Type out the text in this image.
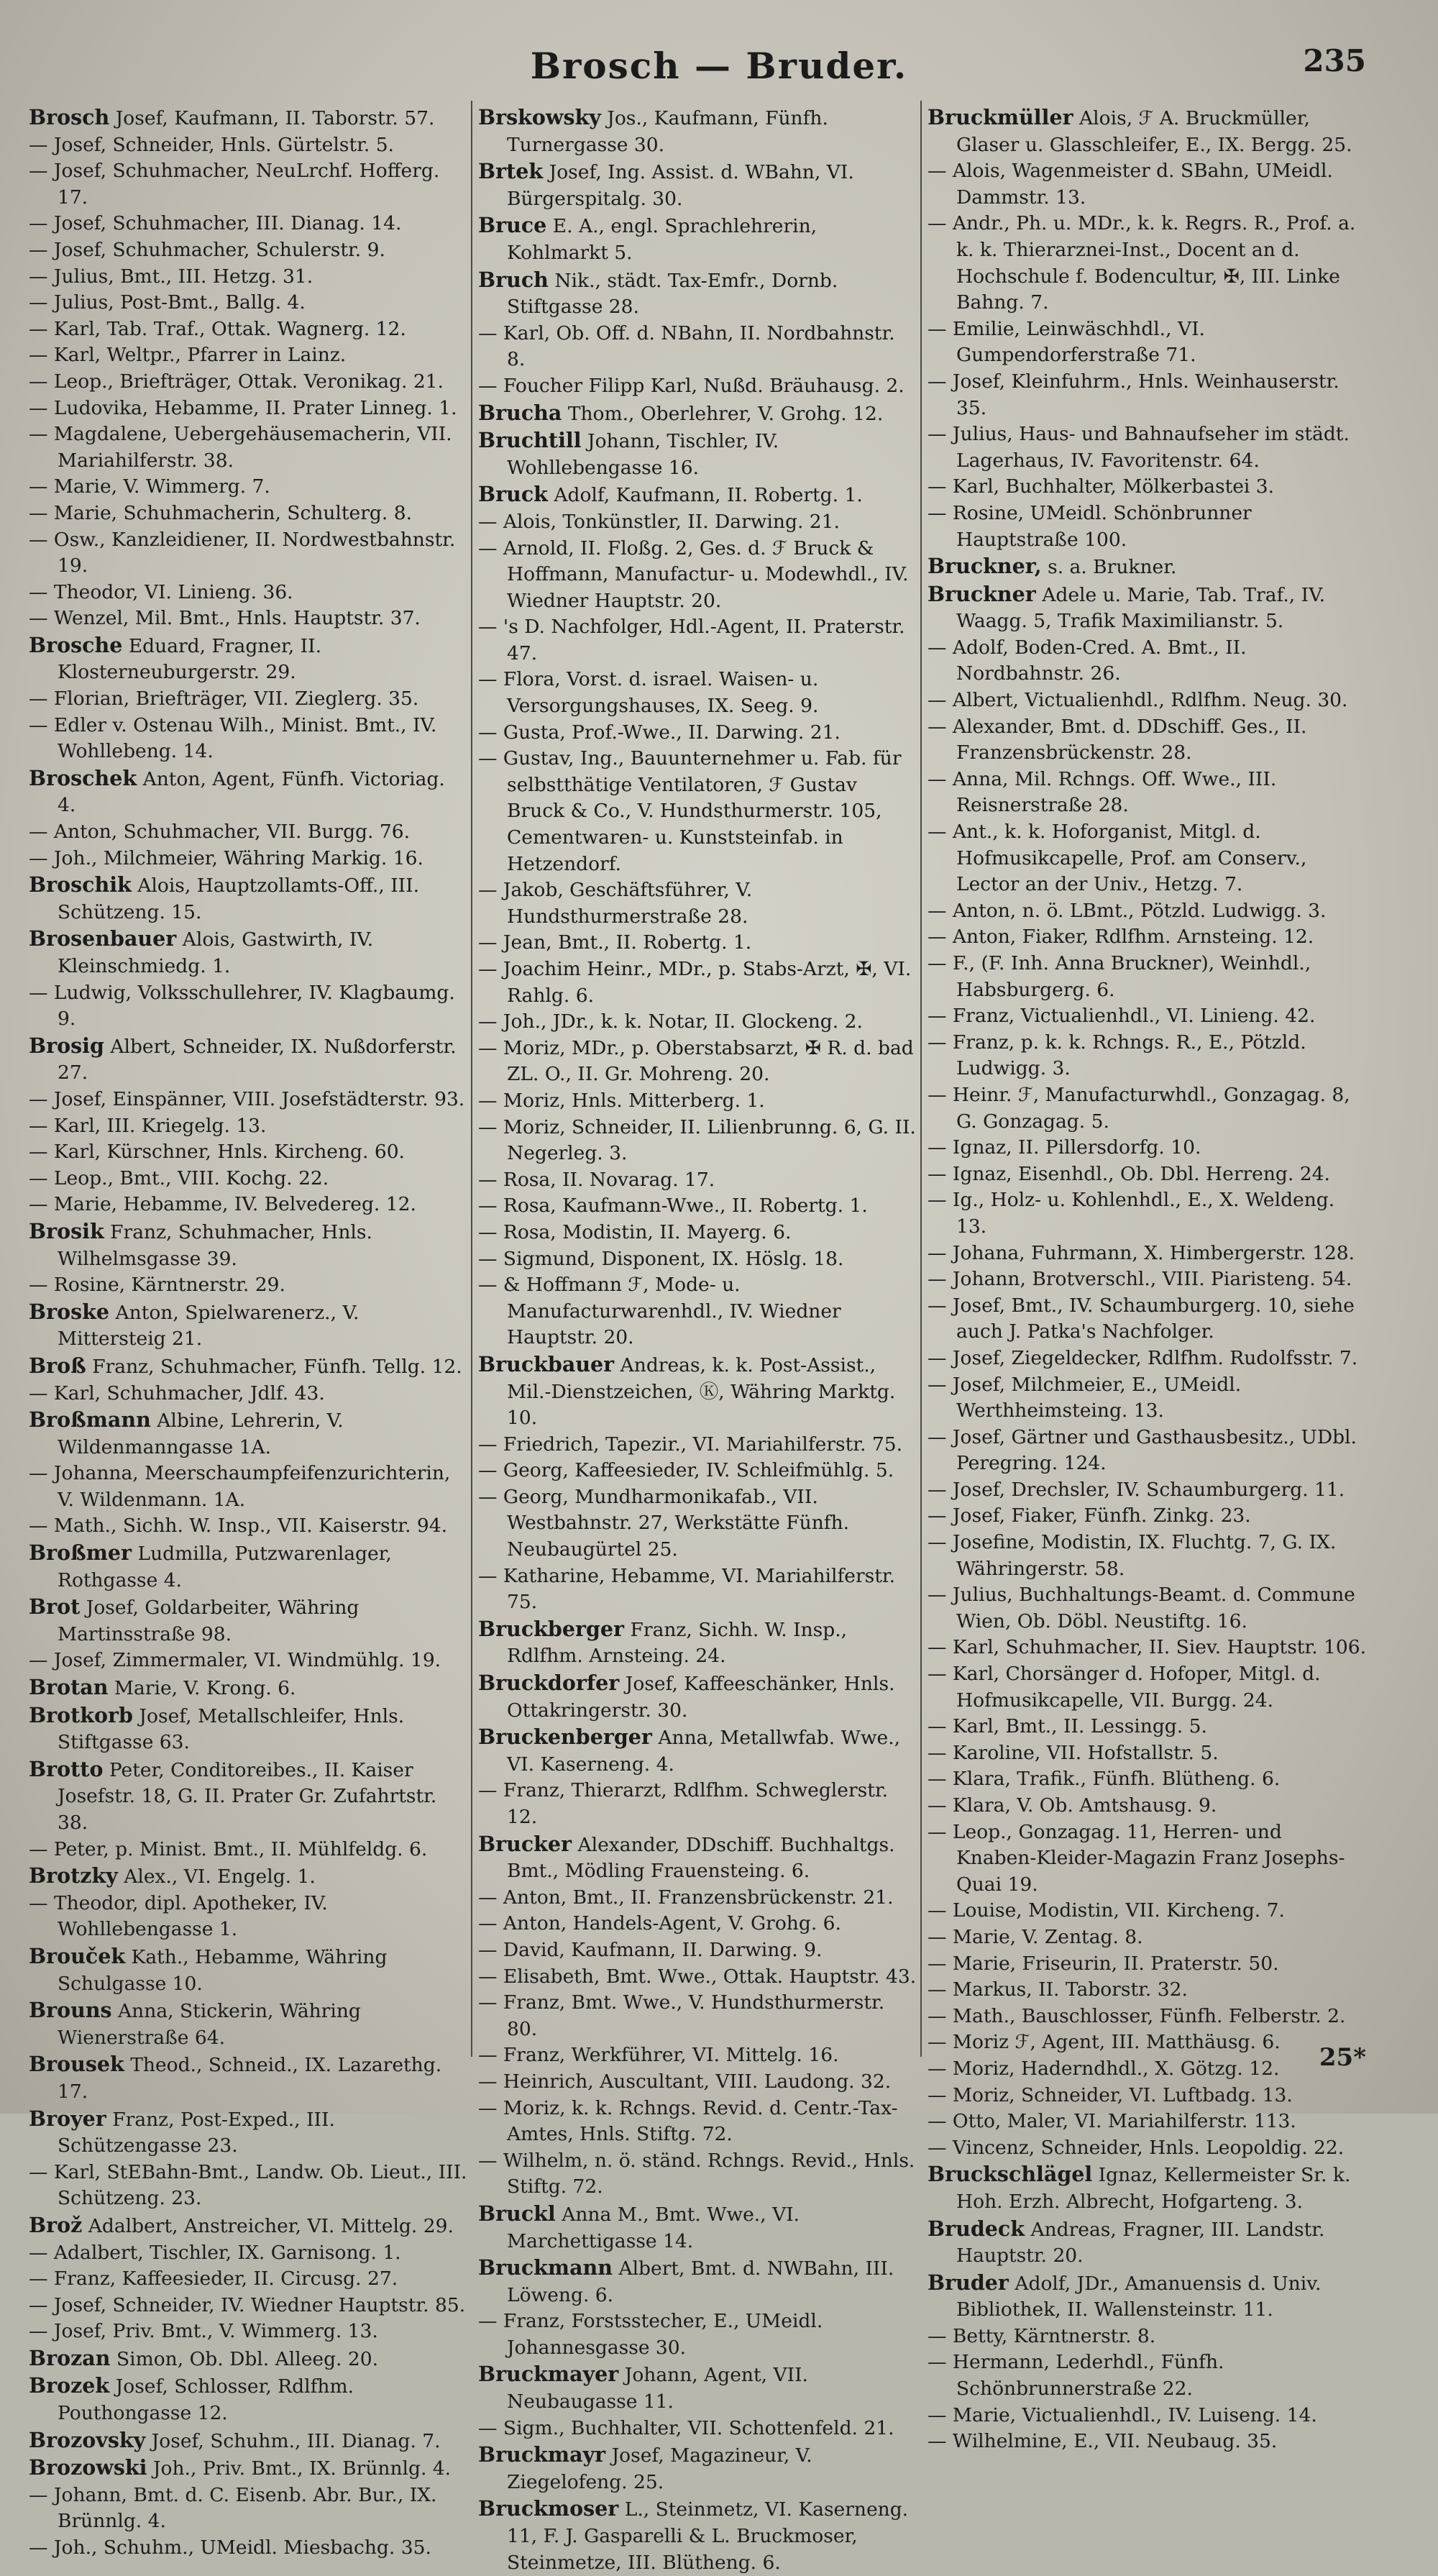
Brosch — Bruder.	235

Brosch Josef, Kaufmann, II. Taborstr. 57.

— Josef, Schneider, Hnls. Gürtelstr. 5.

— Josef, Schuhmacher, NeuLrchf. Hofferg. 17.

— Josef, Schuhmacher, III. Dianag. 14.

— Josef, Schuhmacher, Schulerstr. 9.

— Julius, Bmt., III. Hetzg. 31.

— Julius, Post-Bmt., Ballg. 4.

— Karl, Tab. Traf., Ottak. Wagnerg. 12.

— Karl, Weltpr., Pfarrer in Lainz.

— Leop., Briefträger, Ottak. Veronikag. 21.

— Ludovika, Hebamme, II. Prater Linneg. 1.

— Magdalene, Uebergehäusemacherin, VII. Mariahilferstr. 38.

— Marie, V. Wimmerg. 7.

— Marie, Schuhmacherin, Schulterg. 8.

— Osw., Kanzleidiener, II. Nordwestbahnstr. 19.

— Theodor, VI. Linieng. 36.

— Wenzel, Mil. Bmt., Hnls. Hauptstr. 37.

Brosche Eduard, Fragner, II. Klosterneuburgerstr. 29.

— Florian, Briefträger, VII. Zieglerg. 35.

— Edler v. Ostenau Wilh., Minist. Bmt., IV. Wohllebeng. 14.

Broschek Anton, Agent, Fünfh. Victoriag. 4.

— Anton, Schuhmacher, VII. Burgg. 76.

— Joh., Milchmeier, Währing Markig. 16.

Broschik Alois, Hauptzollamts-Off., III. Schützeng. 15.

Brosenbauer Alois, Gastwirth, IV. Kleinschmiedg. 1.

— Ludwig, Volksschullehrer, IV. Klagbaumg. 9.

Brosig Albert, Schneider, IX. Nußdorferstr. 27.

— Josef, Einspänner, VIII. Josefstädterstr. 93.

— Karl, III. Kriegelg. 13.

— Karl, Kürschner, Hnls. Kircheng. 60.

— Leop., Bmt., VIII. Kochg. 22.

— Marie, Hebamme, IV. Belvedereg. 12.

Brosik Franz, Schuhmacher, Hnls. Wilhelmsgasse 39.

— Rosine, Kärntnerstr. 29.

Broske Anton, Spielwarenerz., V. Mittersteig 21.

Broß Franz, Schuhmacher, Fünfh. Tellg. 12.

— Karl, Schuhmacher, Jdlf. 43.

Broßmann Albine, Lehrerin, V. Wildenmanngasse 1A.

— Johanna, Meerschaumpfeifenzurichterin, V. Wildenmann. 1A.

— Math., Sichh. W. Insp., VII. Kaiserstr. 94.

Broßmer Ludmilla, Putzwarenlager, Rothgasse 4.

Brot Josef, Goldarbeiter, Währing Martinsstraße 98.

— Josef, Zimmermaler, VI. Windmühlg. 19.

Brotan Marie, V. Krong. 6.

Brotkorb Josef, Metallschleifer, Hnls. Stiftgasse 63.

Brotto Peter, Conditoreibes., II. Kaiser Josefstr. 18, G. II. Prater Gr. Zufahrtstr. 38.

— Peter, p. Minist. Bmt., II. Mühlfeldg. 6.

Brotzky Alex., VI. Engelg. 1.

— Theodor, dipl. Apotheker, IV. Wohllebengasse 1.

Brouček Kath., Hebamme, Währing Schulgasse 10.

Brouns Anna, Stickerin, Währing Wienerstraße 64.

Brousek Theod., Schneid., IX. Lazarethg. 17.

Broyer Franz, Post-Exped., III. Schützengasse 23.

— Karl, StEBahn-Bmt., Landw. Ob. Lieut., III. Schützeng. 23.

Brož Adalbert, Anstreicher, VI. Mittelg. 29.

— Adalbert, Tischler, IX. Garnisong. 1.

— Franz, Kaffeesieder, II. Circusg. 27.

— Josef, Schneider, IV. Wiedner Hauptstr. 85.

— Josef, Priv. Bmt., V. Wimmerg. 13.

Brozan Simon, Ob. Dbl. Alleeg. 20.

Brozek Josef, Schlosser, Rdlfhm. Pouthongasse 12.

Brozovsky Josef, Schuhm., III. Dianag. 7.

Brozowski Joh., Priv. Bmt., IX. Brünnlg. 4.

— Johann, Bmt. d. C. Eisenb. Abr. Bur., IX. Brünnlg. 4.

— Joh., Schuhm., UMeidl. Miesbachg. 35.

Brskowsky Jos., Kaufmann, Fünfh. Turnergasse 30.

Brtek Josef, Ing. Assist. d. WBahn, VI. Bürgerspitalg. 30.

Bruce E. A., engl. Sprachlehrerin, Kohlmarkt 5.

Bruch Nik., städt. Tax-Emfr., Dornb. Stiftgasse 28.

— Karl, Ob. Off. d. NBahn, II. Nordbahnstr. 8.

— Foucher Filipp Karl, Nußd. Bräuhausg. 2.

Brucha Thom., Oberlehrer, V. Grohg. 12.

Bruchtill Johann, Tischler, IV. Wohllebengasse 16.

Bruck Adolf, Kaufmann, II. Robertg. 1.

— Alois, Tonkünstler, II. Darwing. 21.

— Arnold, II. Floßg. 2, Ges. d. ℱ Bruck & Hoffmann, Manufactur- u. Modewhdl., IV. Wiedner Hauptstr. 20.

— 's D. Nachfolger, Hdl.-Agent, II. Praterstr. 47.

— Flora, Vorst. d. israel. Waisen- u. Versorgungshauses, IX. Seeg. 9.

— Gusta, Prof.-Wwe., II. Darwing. 21.

— Gustav, Ing., Bauunternehmer u. Fab. für selbstthätige Ventilatoren, ℱ Gustav Bruck & Co., V. Hundsthurmerstr. 105, Cementwaren- u. Kunststeinfab. in Hetzendorf.

— Jakob, Geschäftsführer, V. Hundsthurmerstraße 28.

— Jean, Bmt., II. Robertg. 1.

— Joachim Heinr., MDr., p. Stabs-Arzt, ✠, VI. Rahlg. 6.

— Joh., JDr., k. k. Notar, II. Glockeng. 2.

— Moriz, MDr., p. Oberstabsarzt, ✠ R. d. bad ZL. O., II. Gr. Mohreng. 20.

— Moriz, Hnls. Mitterberg. 1.

— Moriz, Schneider, II. Lilienbrunng. 6, G. II. Negerleg. 3.

— Rosa, II. Novarag. 17.

— Rosa, Kaufmann-Wwe., II. Robertg. 1.

— Rosa, Modistin, II. Mayerg. 6.

— Sigmund, Disponent, IX. Höslg. 18.

— & Hoffmann ℱ, Mode- u. Manufacturwarenhdl., IV. Wiedner Hauptstr. 20.

Bruckbauer Andreas, k. k. Post-Assist., Mil.-Dienstzeichen, Ⓚ, Währing Marktg. 10.

— Friedrich, Tapezir., VI. Mariahilferstr. 75.

— Georg, Kaffeesieder, IV. Schleifmühlg. 5.

— Georg, Mundharmonikafab., VII. Westbahnstr. 27, Werkstätte Fünfh. Neubaugürtel 25.

— Katharine, Hebamme, VI. Mariahilferstr. 75.

Bruckberger Franz, Sichh. W. Insp., Rdlfhm. Arnsteing. 24.

Bruckdorfer Josef, Kaffeeschänker, Hnls. Ottakringerstr. 30.

Bruckenberger Anna, Metallwfab. Wwe., VI. Kaserneng. 4.

— Franz, Thierarzt, Rdlfhm. Schweglerstr. 12.

Brucker Alexander, DDschiff. Buchhaltgs. Bmt., Mödling Frauensteing. 6.

— Anton, Bmt., II. Franzensbrückenstr. 21.

— Anton, Handels-Agent, V. Grohg. 6.

— David, Kaufmann, II. Darwing. 9.

— Elisabeth, Bmt. Wwe., Ottak. Hauptstr. 43.

— Franz, Bmt. Wwe., V. Hundsthurmerstr. 80.

— Franz, Werkführer, VI. Mittelg. 16.

— Heinrich, Auscultant, VIII. Laudong. 32.

— Moriz, k. k. Rchngs. Revid. d. Centr.-Tax-Amtes, Hnls. Stiftg. 72.

— Wilhelm, n. ö. ständ. Rchngs. Revid., Hnls. Stiftg. 72.

Bruckl Anna M., Bmt. Wwe., VI. Marchettigasse 14.

Bruckmann Albert, Bmt. d. NWBahn, III. Löweng. 6.

— Franz, Forstsstecher, E., UMeidl. Johannesgasse 30.

Bruckmayer Johann, Agent, VII. Neubaugasse 11.

— Sigm., Buchhalter, VII. Schottenfeld. 21.

Bruckmayr Josef, Magazineur, V. Ziegelofeng. 25.

Bruckmoser L., Steinmetz, VI. Kaserneng. 11, F. J. Gasparelli & L. Bruckmoser, Steinmetze, III. Blütheng. 6.

Bruckmüller Alois, ℱ A. Bruckmüller, Glaser u. Glasschleifer, E., IX. Bergg. 25.

— Alois, Wagenmeister d. SBahn, UMeidl. Dammstr. 13.

— Andr., Ph. u. MDr., k. k. Regrs. R., Prof. a. k. k. Thierarznei-Inst., Docent an d. Hochschule f. Bodencultur, ✠, III. Linke Bahng. 7.

— Emilie, Leinwäschhdl., VI. Gumpendorferstraße 71.

— Josef, Kleinfuhrm., Hnls. Weinhauserstr. 35.

— Julius, Haus- und Bahnaufseher im städt. Lagerhaus, IV. Favoritenstr. 64.

— Karl, Buchhalter, Mölkerbastei 3.

— Rosine, UMeidl. Schönbrunner Hauptstraße 100.

Bruckner, s. a. Brukner.

Bruckner Adele u. Marie, Tab. Traf., IV. Waagg. 5, Trafik Maximilianstr. 5.

— Adolf, Boden-Cred. A. Bmt., II. Nordbahnstr. 26.

— Albert, Victualienhdl., Rdlfhm. Neug. 30.

— Alexander, Bmt. d. DDschiff. Ges., II. Franzensbrückenstr. 28.

— Anna, Mil. Rchngs. Off. Wwe., III. Reisnerstraße 28.

— Ant., k. k. Hoforganist, Mitgl. d. Hofmusikcapelle, Prof. am Conserv., Lector an der Univ., Hetzg. 7.

— Anton, n. ö. LBmt., Pötzld. Ludwigg. 3.

— Anton, Fiaker, Rdlfhm. Arnsteing. 12.

— F., (F. Inh. Anna Bruckner), Weinhdl., Habsburgerg. 6.

— Franz, Victualienhdl., VI. Linieng. 42.

— Franz, p. k. k. Rchngs. R., E., Pötzld. Ludwigg. 3.

— Heinr. ℱ, Manufacturwhdl., Gonzagag. 8, G. Gonzagag. 5.

— Ignaz, II. Pillersdorfg. 10.

— Ignaz, Eisenhdl., Ob. Dbl. Herreng. 24.

— Ig., Holz- u. Kohlenhdl., E., X. Weldeng. 13.

— Johana, Fuhrmann, X. Himbergerstr. 128.

— Johann, Brotverschl., VIII. Piaristeng. 54.

— Josef, Bmt., IV. Schaumburgerg. 10, siehe auch J. Patka's Nachfolger.

— Josef, Ziegeldecker, Rdlfhm. Rudolfsstr. 7.

— Josef, Milchmeier, E., UMeidl. Werthheimsteing. 13.

— Josef, Gärtner und Gasthausbesitz., UDbl. Peregring. 124.

— Josef, Drechsler, IV. Schaumburgerg. 11.

— Josef, Fiaker, Fünfh. Zinkg. 23.

— Josefine, Modistin, IX. Fluchtg. 7, G. IX. Währingerstr. 58.

— Julius, Buchhaltungs-Beamt. d. Commune Wien, Ob. Döbl. Neustiftg. 16.

— Karl, Schuhmacher, II. Siev. Hauptstr. 106.

— Karl, Chorsänger d. Hofoper, Mitgl. d. Hofmusikcapelle, VII. Burgg. 24.

— Karl, Bmt., II. Lessingg. 5.

— Karoline, VII. Hofstallstr. 5.

— Klara, Trafik., Fünfh. Blütheng. 6.

— Klara, V. Ob. Amtshausg. 9.

— Leop., Gonzagag. 11, Herren- und Knaben-Kleider-Magazin Franz Josephs-Quai 19.

— Louise, Modistin, VII. Kircheng. 7.

— Marie, V. Zentag. 8.

— Marie, Friseurin, II. Praterstr. 50.

— Markus, II. Taborstr. 32.

— Math., Bauschlosser, Fünfh. Felberstr. 2.

— Moriz ℱ, Agent, III. Matthäusg. 6.

— Moriz, Haderndhdl., X. Götzg. 12.

— Moriz, Schneider, VI. Luftbadg. 13.

— Otto, Maler, VI. Mariahilferstr. 113.

— Vincenz, Schneider, Hnls. Leopoldig. 22.

Bruckschlägel Ignaz, Kellermeister Sr. k. Hoh. Erzh. Albrecht, Hofgarteng. 3.

Brudeck Andreas, Fragner, III. Landstr. Hauptstr. 20.

Bruder Adolf, JDr., Amanuensis d. Univ. Bibliothek, II. Wallensteinstr. 11.

— Betty, Kärntnerstr. 8.

— Hermann, Lederhdl., Fünfh. Schönbrunnerstraße 22.

— Marie, Victualienhdl., IV. Luiseng. 14.

— Wilhelmine, E., VII. Neubaug. 35.

25*
